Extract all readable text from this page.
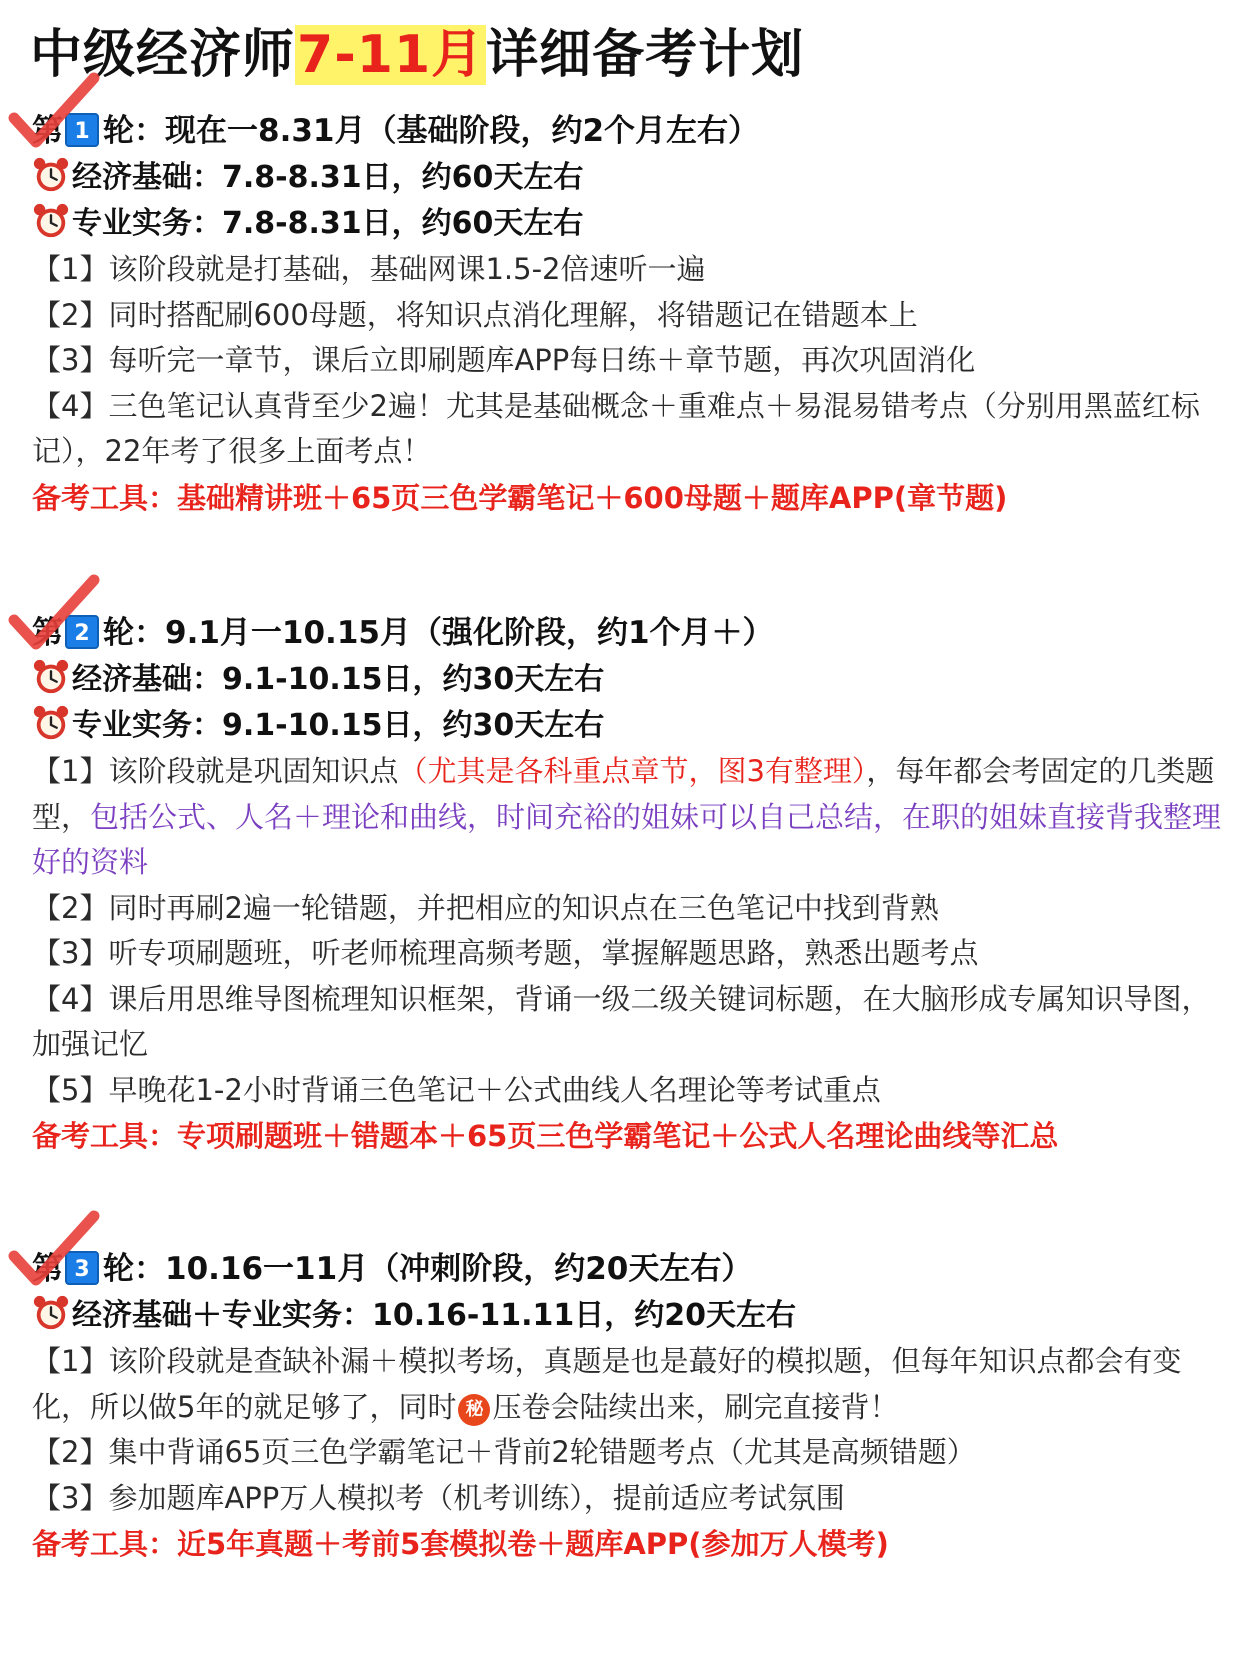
中级经济师7-11月详细备考计划
第 1 轮：现在一8.31月（基础阶段，约2个月左右）
经济基础：7.8-8.31日，约60天左右
专业实务：7.8-8.31日，约60天左右
【1】该阶段就是打基础，基础网课1.5-2倍速听一遍
【2】同时搭配刷600母题，将知识点消化理解，将错题记在错题本上
【3】每听完一章节，课后立即刷题库APP每日练＋章节题，再次巩固消化
【4】三色笔记认真背至少2遍！尤其是基础概念＋重难点＋易混易错考点（分别用黑蓝红标记），22年考了很多上面考点！
备考工具：基础精讲班＋65页三色学霸笔记＋600母题＋题库APP(章节题)
第 2 轮：9.1月一10.15月（强化阶段，约1个月＋）
经济基础：9.1-10.15日，约30天左右
专业实务：9.1-10.15日，约30天左右
【1】该阶段就是巩固知识点（尤其是各科重点章节，图3有整理），每年都会考固定的几类题型，包括公式、人名＋理论和曲线，时间充裕的姐妹可以自己总结，在职的姐妹直接背我整理好的资料
【2】同时再刷2遍一轮错题，并把相应的知识点在三色笔记中找到背熟
【3】听专项刷题班，听老师梳理高频考题，掌握解题思路，熟悉出题考点
【4】课后用思维导图梳理知识框架，背诵一级二级关键词标题，在大脑形成专属知识导图，加强记忆
【5】早晚花1-2小时背诵三色笔记＋公式曲线人名理论等考试重点
备考工具：专项刷题班＋错题本＋65页三色学霸笔记＋公式人名理论曲线等汇总
第 3 轮：10.16一11月（冲刺阶段，约20天左右）
经济基础＋专业实务：10.16-11.11日，约20天左右
【1】该阶段就是查缺补漏＋模拟考场，真题是也是蕞好的模拟题，但每年知识点都会有变化，所以做5年的就足够了，同时 秘 压卷会陆续出来，刷完直接背！
【2】集中背诵65页三色学霸笔记＋背前2轮错题考点（尤其是高频错题）
【3】参加题库APP万人模拟考（机考训练），提前适应考试氛围
备考工具：近5年真题＋考前5套模拟卷＋题库APP(参加万人模考)
